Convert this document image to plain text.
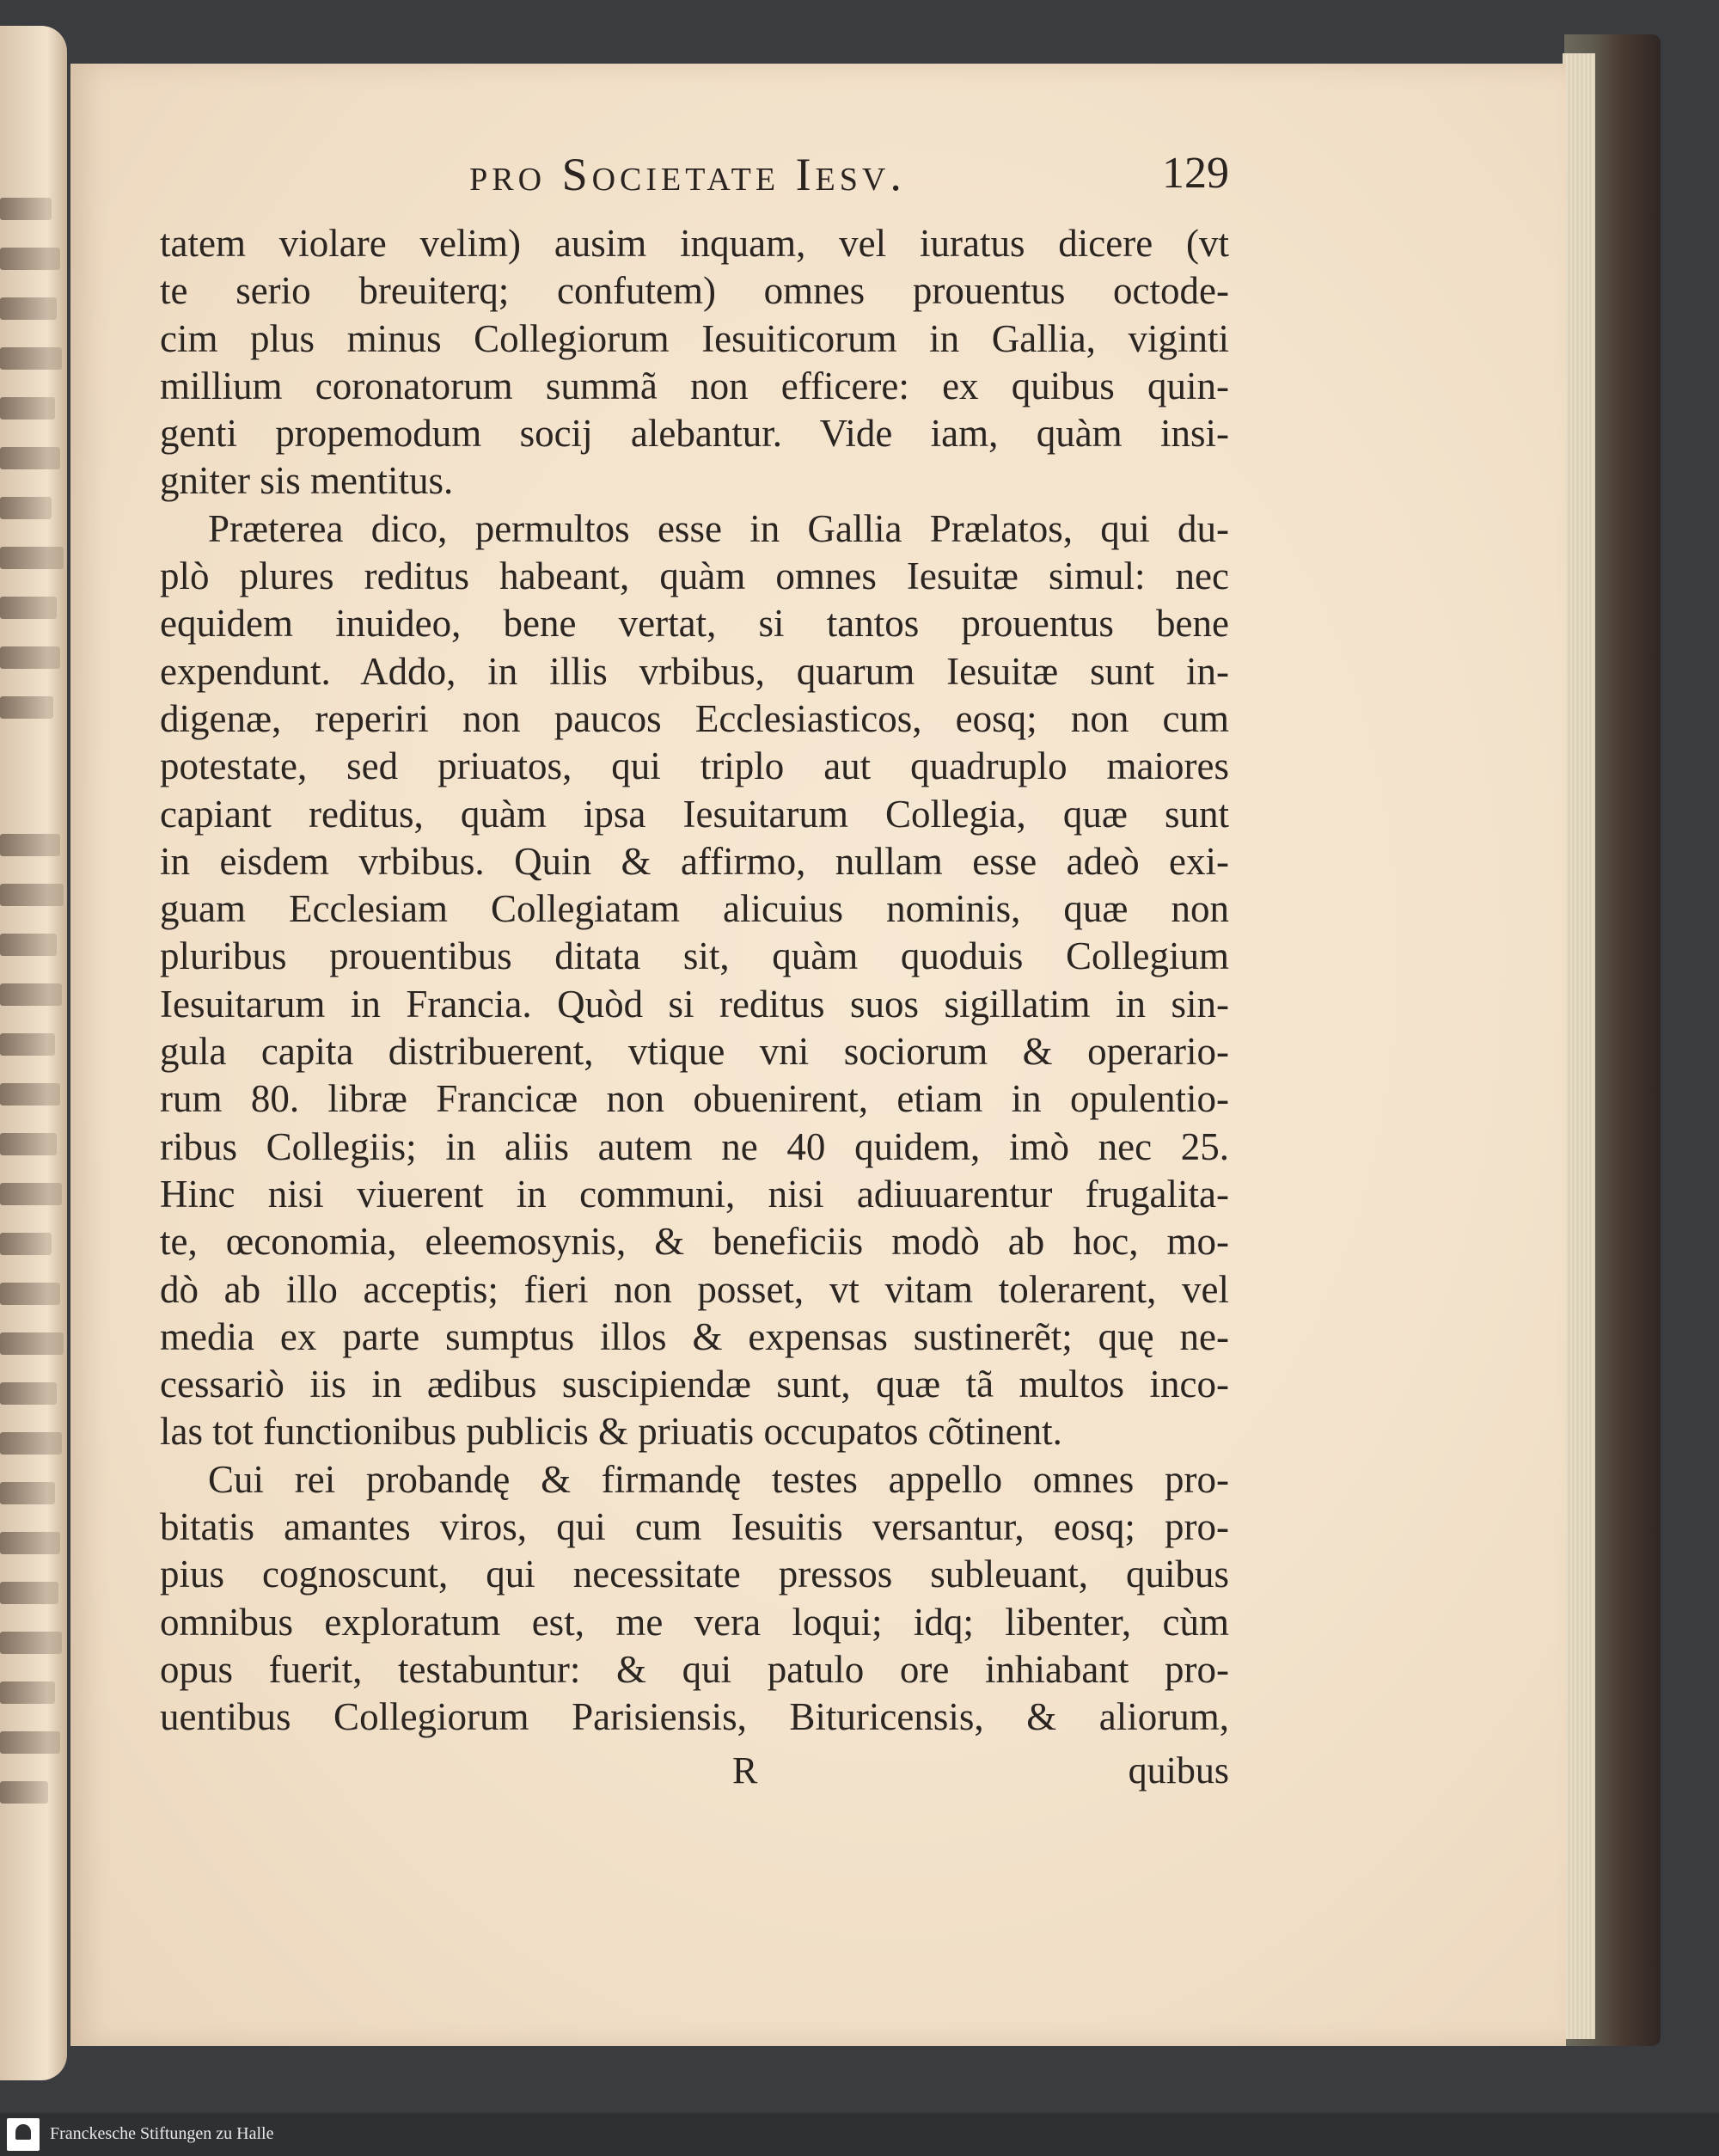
pro Societate Iesv.	129
tatem violare velim) ausim inquam, vel iuratus dicere (vt
te serio breuiterq; confutem) omnes prouentus octode-
cim plus minus Collegiorum Iesuiticorum in Gallia, viginti
millium coronatorum summã non efficere: ex quibus quin-
genti propemodum socij alebantur. Vide iam, quàm insi-
gniter sis mentitus.
Præterea dico, permultos esse in Gallia Prælatos, qui du-
plò plures reditus habeant, quàm omnes Iesuitæ simul: nec
equidem inuideo, bene vertat, si tantos prouentus bene
expendunt. Addo, in illis vrbibus, quarum Iesuitæ sunt in-
digenæ, reperiri non paucos Ecclesiasticos, eosq; non cum
potestate, sed priuatos, qui triplo aut quadruplo maiores
capiant reditus, quàm ipsa Iesuitarum Collegia, quæ sunt
in eisdem vrbibus. Quin & affirmo, nullam esse adeò exi-
guam Ecclesiam Collegiatam alicuius nominis, quæ non
pluribus prouentibus ditata sit, quàm quoduis Collegium
Iesuitarum in Francia. Quòd si reditus suos sigillatim in sin-
gula capita distribuerent, vtique vni sociorum & operario-
rum 80. libræ Francicæ non obuenirent, etiam in opulentio-
ribus Collegiis; in aliis autem ne 40 quidem, imò nec 25.
Hinc nisi viuerent in communi, nisi adiuuarentur frugalita-
te, œconomia, eleemosynis, & beneficiis modò ab hoc, mo-
dò ab illo acceptis; fieri non posset, vt vitam tolerarent, vel
media ex parte sumptus illos & expensas sustinerẽt; quę ne-
cessariò iis in ædibus suscipiendæ sunt, quæ tã multos inco-
las tot functionibus publicis & priuatis occupatos cõtinent.
Cui rei probandę & firmandę testes appello omnes pro-
bitatis amantes viros, qui cum Iesuitis versantur, eosq; pro-
pius cognoscunt, qui necessitate pressos subleuant, quibus
omnibus exploratum est, me vera loqui; idq; libenter, cùm
opus fuerit, testabuntur: & qui patulo ore inhiabant pro-
uentibus Collegiorum Parisiensis, Bituricensis, & aliorum,
R	quibus
Franckesche Stiftungen zu Halle
